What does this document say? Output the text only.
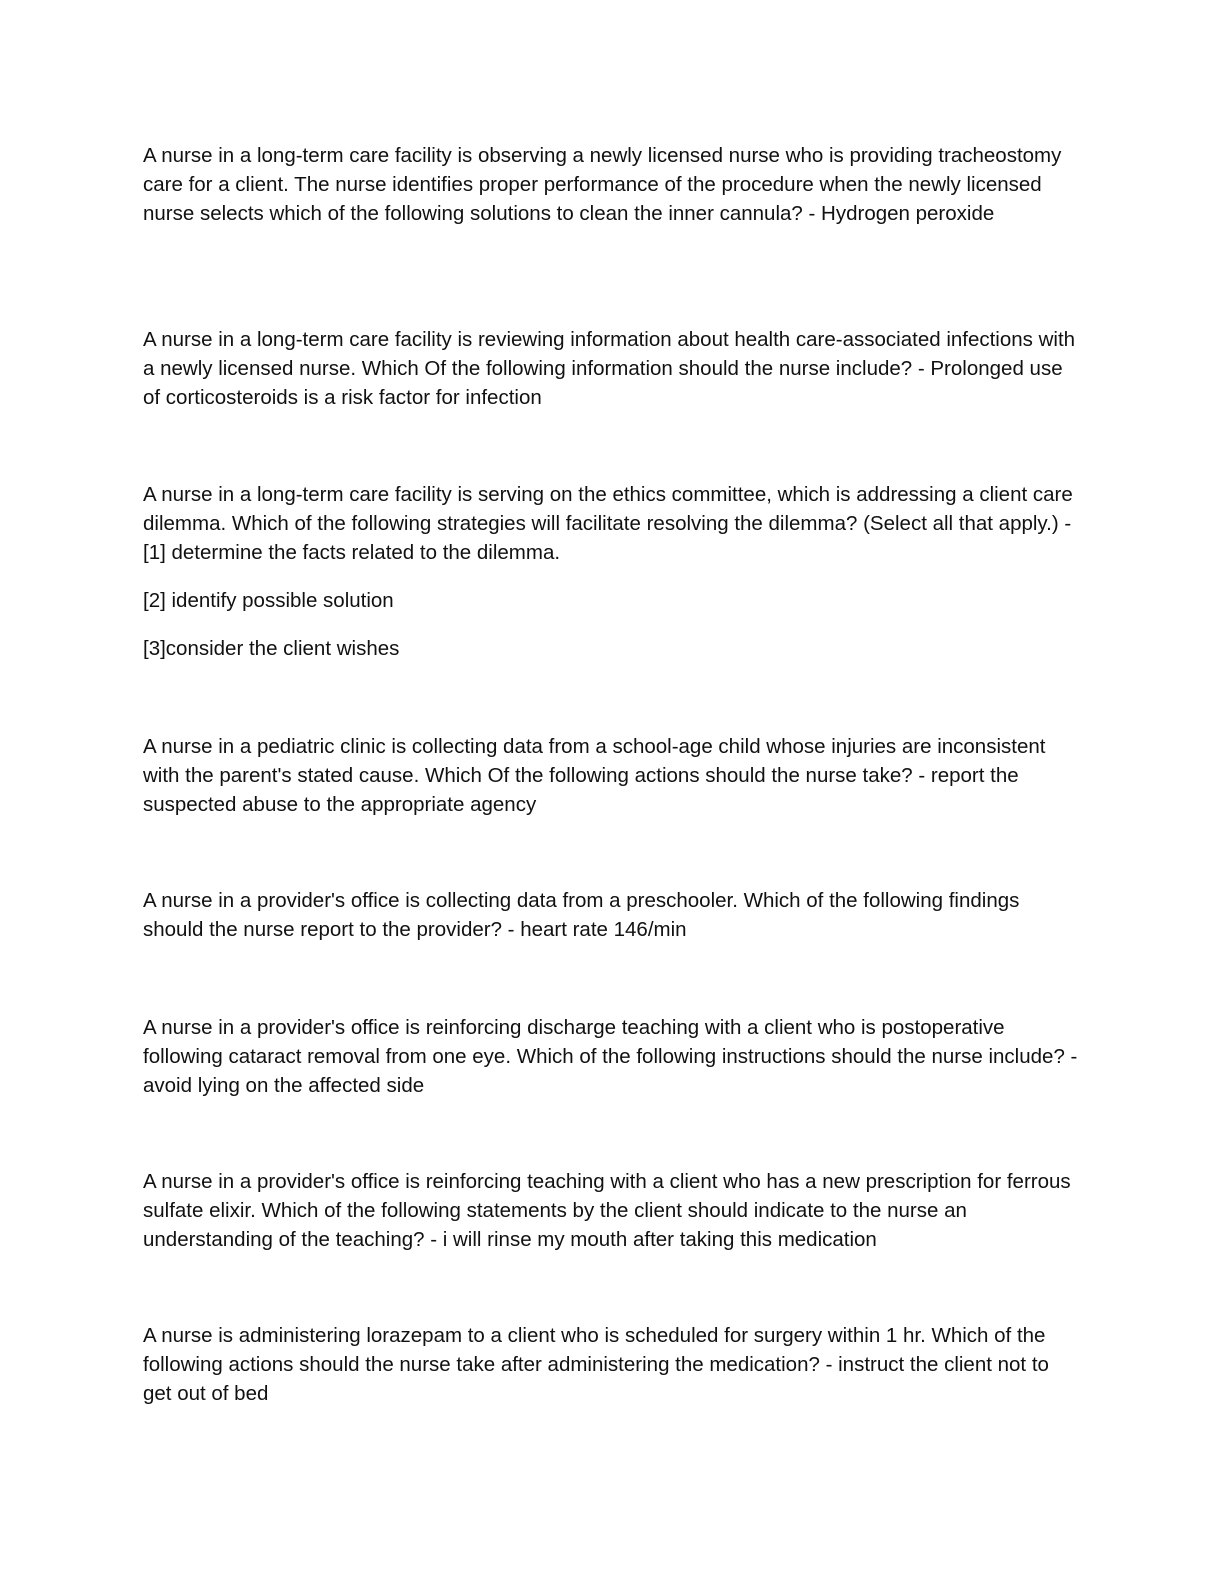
A nurse in a long-term care facility is observing a newly licensed nurse who is providing tracheostomy care for a client. The nurse identifies proper performance of the procedure when the newly licensed nurse selects which of the following solutions to clean the inner cannula? - Hydrogen peroxide

A nurse in a long-term care facility is reviewing information about health care-associated infections with a newly licensed nurse. Which Of the following information should the nurse include? - Prolonged use of corticosteroids is a risk factor for infection

A nurse in a long-term care facility is serving on the ethics committee, which is addressing a client care dilemma. Which of the following strategies will facilitate resolving the dilemma? (Select all that apply.) - [1] determine the facts related to the dilemma.

[2] identify possible solution

[3]consider the client wishes

A nurse in a pediatric clinic is collecting data from a school-age child whose injuries are inconsistent with the parent's stated cause. Which Of the following actions should the nurse take? - report the suspected abuse to the appropriate agency

A nurse in a provider's office is collecting data from a preschooler. Which of the following findings should the nurse report to the provider? - heart rate 146/min

A nurse in a provider's office is reinforcing discharge teaching with a client who is postoperative following cataract removal from one eye. Which of the following instructions should the nurse include? - avoid lying on the affected side

A nurse in a provider's office is reinforcing teaching with a client who has a new prescription for ferrous sulfate elixir. Which of the following statements by the client should indicate to the nurse an understanding of the teaching? - i will rinse my mouth after taking this medication

A nurse is administering lorazepam to a client who is scheduled for surgery within 1 hr. Which of the following actions should the nurse take after administering the medication? - instruct the client not to get out of bed
